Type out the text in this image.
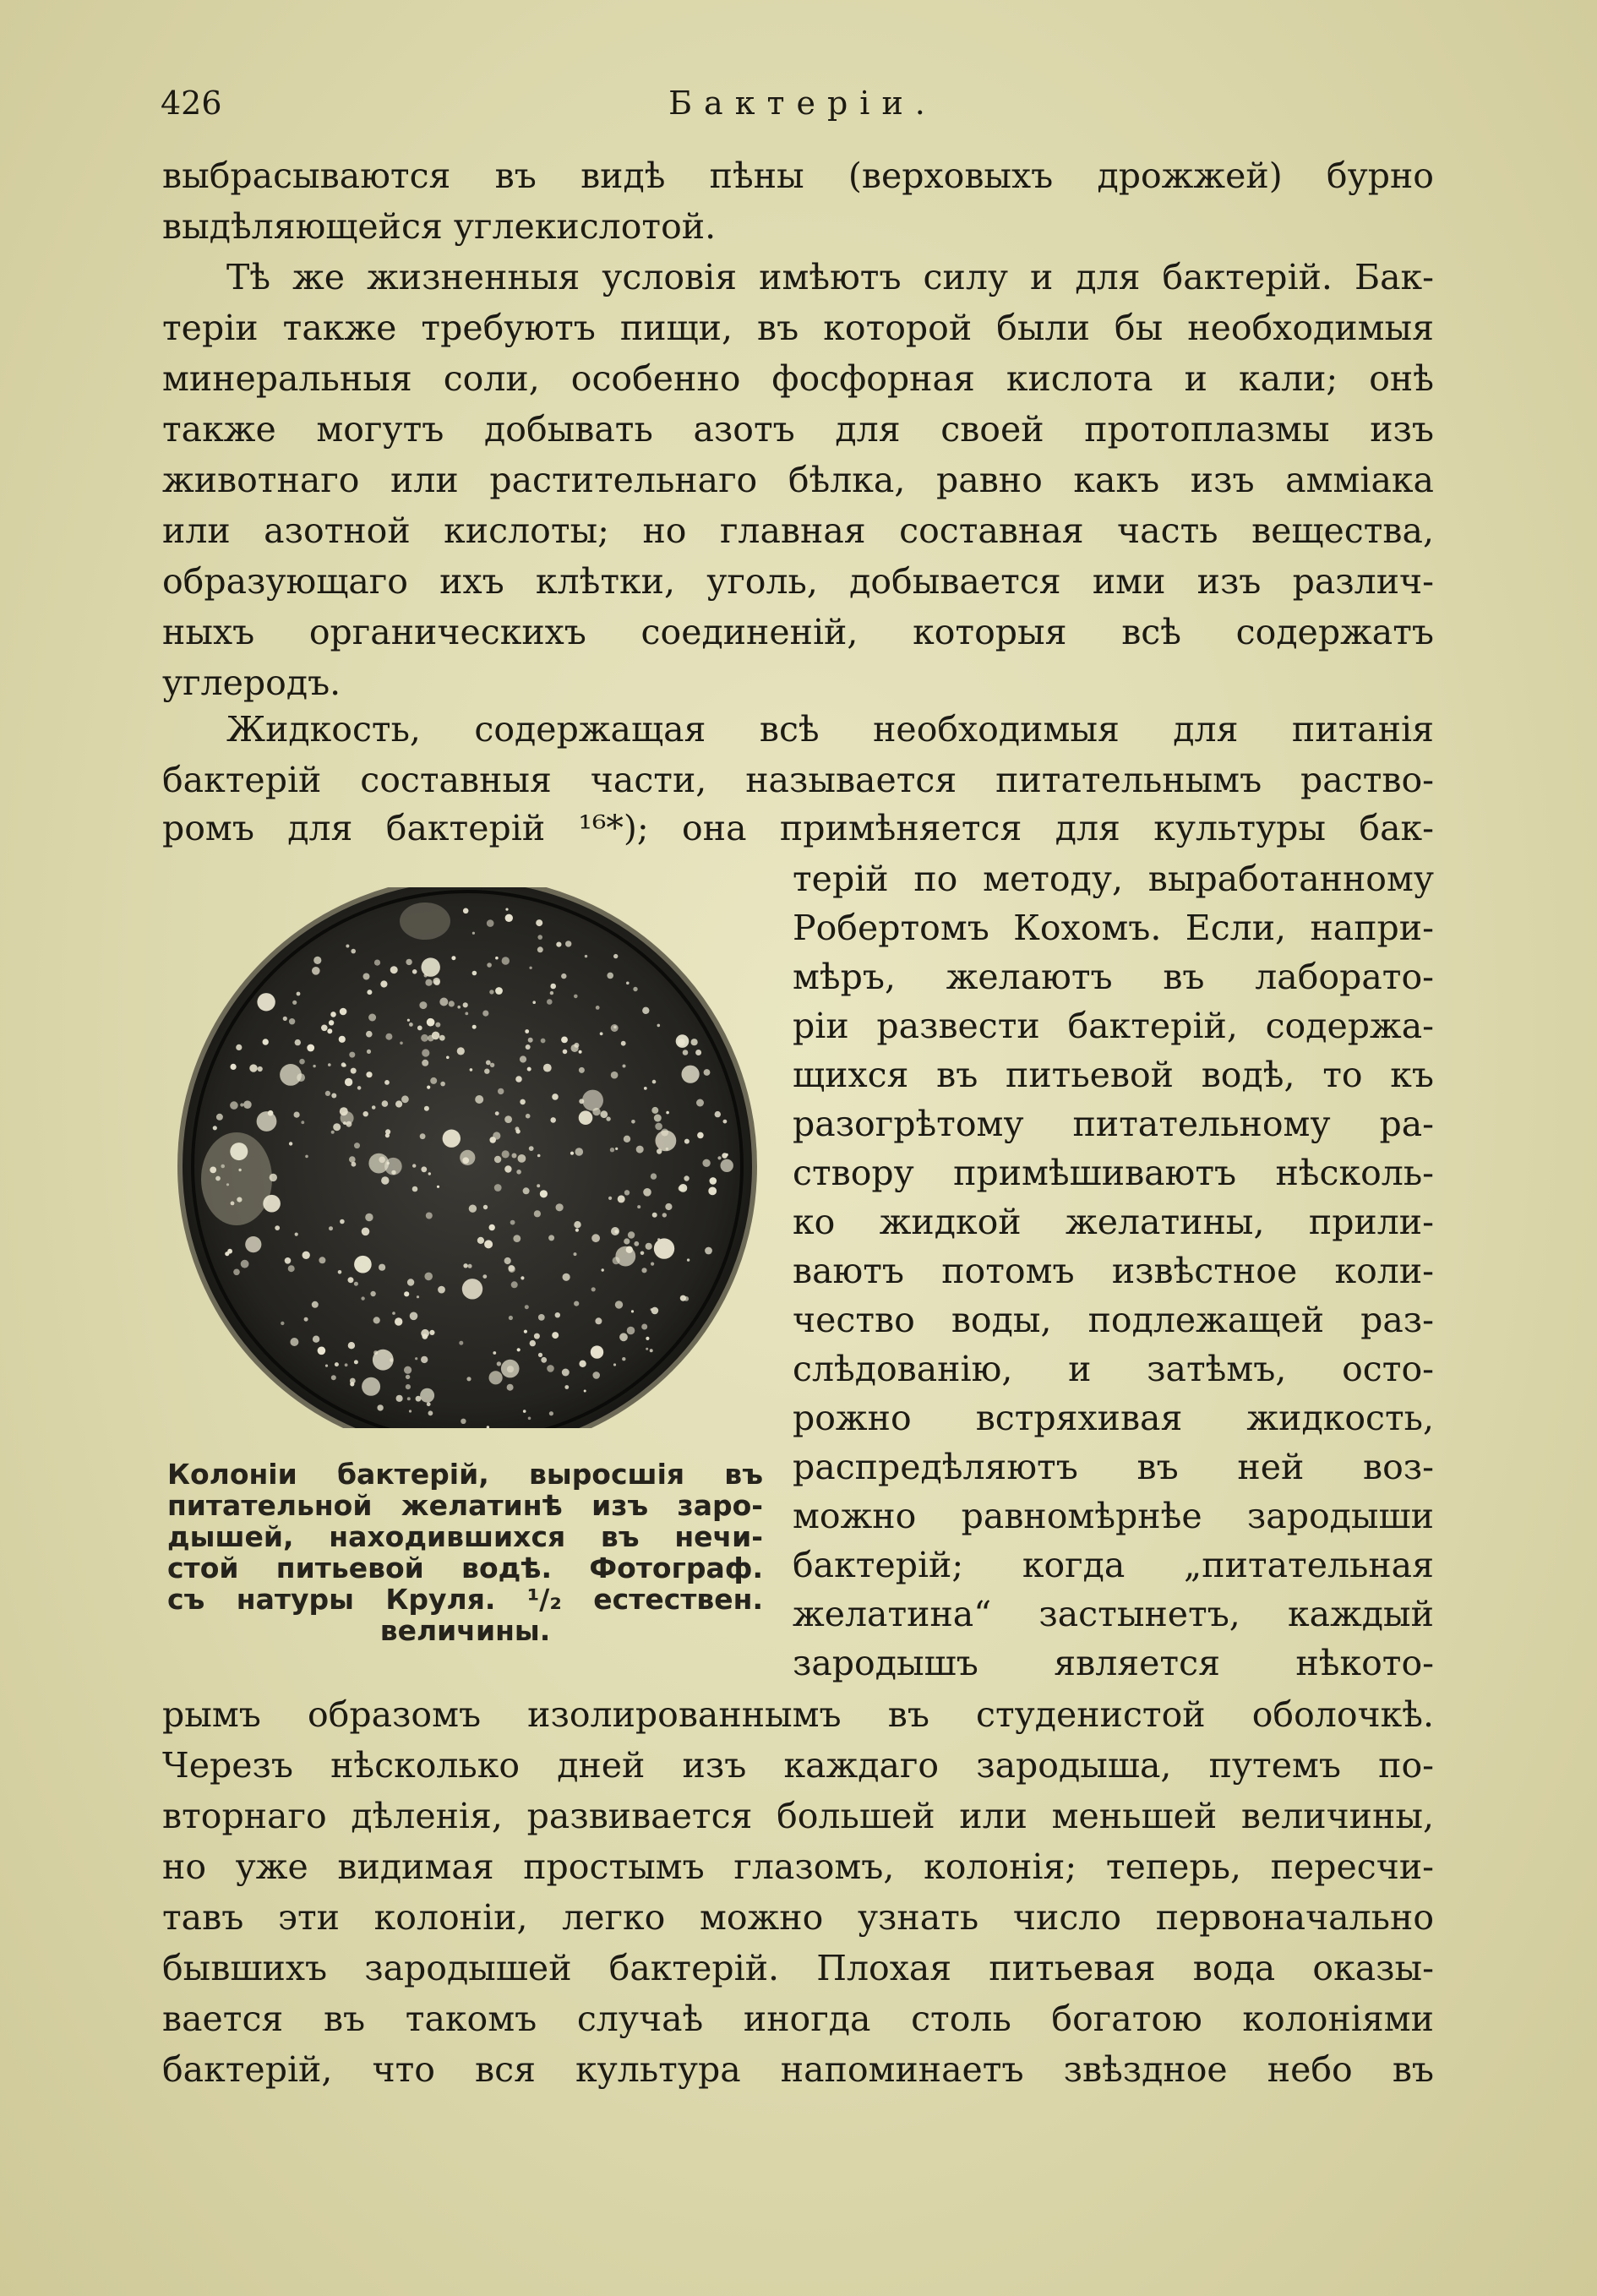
426	Бактеріи.
выбрасываются въ видѣ пѣны (верховыхъ дрожжей) бурно
выдѣляющейся углекислотой.
Тѣ же жизненныя условія имѣютъ силу и для бактерій. Бак-
теріи также требуютъ пищи, въ которой были бы необходимыя
минеральныя соли, особенно фосфорная кислота и кали; онѣ
также могутъ добывать азотъ для своей протоплазмы изъ
животнаго или растительнаго бѣлка, равно какъ изъ амміака
или азотной кислоты; но главная составная часть вещества,
образующаго ихъ клѣтки, уголь, добывается ими изъ различ-
ныхъ органическихъ соединеній, которыя всѣ содержатъ
углеродъ.
Жидкость, содержащая всѣ необходимыя для питанія
бактерій составныя части, называется питательнымъ раство-
ромъ для бактерій ¹⁶*); она примѣняется для культуры бак-
Колоніи бактерій, выросшія въ
питательной желатинѣ изъ заро-
дышей, находившихся въ нечи-
стой питьевой водѣ. Фотограф.
съ натуры Круля. ¹/₂ естествен.
величины.
терій по методу, выработанному
Робертомъ Кохомъ. Если, напри-
мѣръ, желаютъ въ лаборато-
ріи развести бактерій, содержа-
щихся въ питьевой водѣ, то къ
разогрѣтому питательному ра-
створу примѣшиваютъ нѣсколь-
ко жидкой желатины, прили-
ваютъ потомъ извѣстное коли-
чество воды, подлежащей раз-
слѣдованію, и затѣмъ, осто-
рожно встряхивая жидкость,
распредѣляютъ въ ней воз-
можно равномѣрнѣе зародыши
бактерій; когда „питательная
желатина“ застынетъ, каждый
зародышъ является нѣкото-
рымъ образомъ изолированнымъ въ студенистой оболочкѣ.
Черезъ нѣсколько дней изъ каждаго зародыша, путемъ по-
вторнаго дѣленія, развивается большей или меньшей величины,
но уже видимая простымъ глазомъ, колонія; теперь, пересчи-
тавъ эти колоніи, легко можно узнать число первоначально
бывшихъ зародышей бактерій. Плохая питьевая вода оказы-
вается въ такомъ случаѣ иногда столь богатою колоніями
бактерій, что вся культура напоминаетъ звѣздное небо въ
